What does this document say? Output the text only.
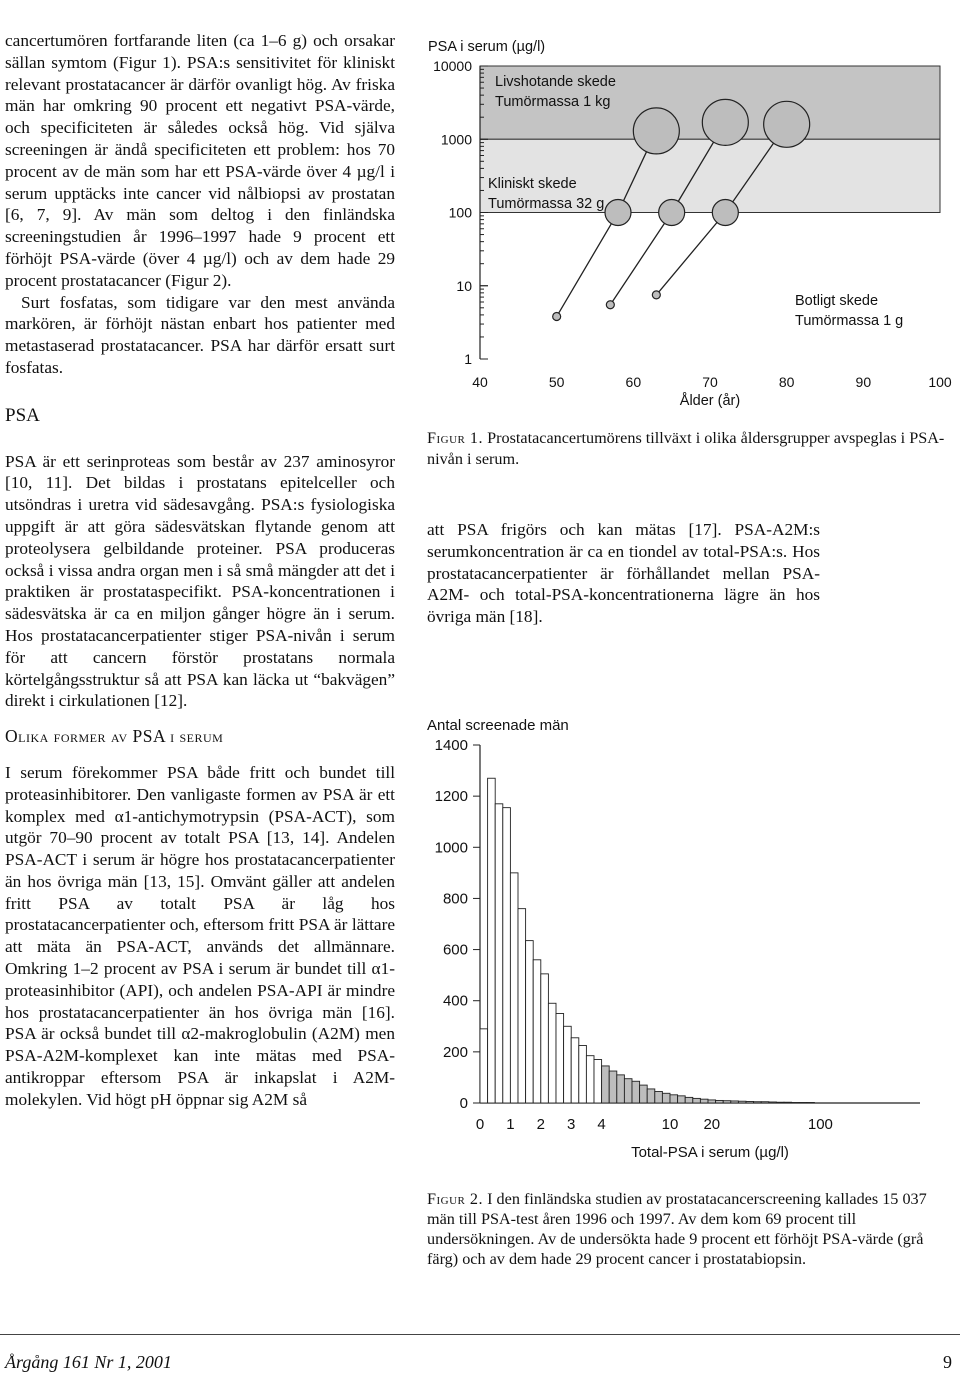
cancertumören fortfarande liten (ca 1–6 g) och orsakar sällan symtom (Figur 1). PSA:s sensitivitet för kliniskt relevant prostatacancer är därför ovanligt hög. Av friska män har omkring 90 procent ett negativt PSA-värde, och specificiteten är således också hög. Vid själva screeningen är ändå specificiteten ett problem: hos 70 procent av de män som har ett PSA-värde över 4 µg/l i serum upptäcks inte cancer vid nålbiopsi av prostatan [6, 7, 9]. Av män som deltog i den finländska screeningstudien år 1996–1997 hade 9 procent ett förhöjt PSA-värde (över 4 µg/l) och av dem hade 29 procent prostatacancer (Figur 2).

Surt fosfatas, som tidigare var den mest använda markören, är förhöjt nästan enbart hos patienter med metastaserad prostatacancer. PSA har därför ersatt surt fosfatas.

PSA

PSA är ett serinproteas som består av 237 aminosyror [10, 11]. Det bildas i prostatans epitelceller och utsöndras i uretra vid sädesavgång. PSA:s fysiologiska uppgift är att göra sädesvätskan flytande genom att proteolysera gelbildande proteiner. PSA produceras också i vissa andra organ men i så små mängder att det i praktiken är prostataspecifikt. PSA-koncentrationen i sädesvätska är ca en miljon gånger högre än i serum. Hos prostatacancerpatienter stiger PSA-nivån i serum för att cancern förstör prostatans normala körtelgångsstruktur så att PSA kan läcka ut “bakvägen” direkt i cirkulationen [12].

Olika former av PSA i serum

I serum förekommer PSA både fritt och bundet till proteasinhibitorer. Den vanligaste formen av PSA är ett komplex med α1-antichymotrypsin (PSA-ACT), som utgör 70–90 procent av totalt PSA [13, 14]. Andelen PSA-ACT i serum är högre hos prostatacancerpatienter än hos övriga män [13, 15]. Omvänt gäller att andelen fritt PSA av totalt PSA är låg hos prostatacancerpatienter och, eftersom fritt PSA är lättare att mäta än PSA-ACT, används det allmännare. Omkring 1–2 procent av PSA i serum är bundet till α1-proteasinhibitor (API), och andelen PSA-API är mindre hos prostatacancerpatienter än hos övriga män [16]. PSA är också bundet till α2-makroglobulin (A2M) men PSA-A2M-komplexet kan inte mätas med PSA-antikroppar eftersom PSA är inkapslat i A2M-molekylen. Vid högt pH öppnar sig A2M så

Livshotande skede
Tumörmassa 1 kg
Kliniskt skede
Tumörmassa 32 g
Botligt skede
Tumörmassa 1 g
1
10
100
1000
10000
PSA i serum (µg/l)
40	50	60	70	80	90	100
Ålder (år)
Figur 1. Prostatacancertumörens tillväxt i olika åldersgrupper avspeglas i PSA-nivån i serum.

att PSA frigörs och kan mätas [17]. PSA-A2M:s serumkoncentration är ca en tiondel av total-PSA:s. Hos prostatacancerpatienter är förhållandet mellan PSA-A2M- och total-PSA-koncentrationerna lägre än hos övriga män [18].

Antal screenade män
0
200
400
600
800
1000
1200
1400
0 1 2 3 4	10 20	100
Total-PSA i serum (µg/l)
Figur 2. I den finländska studien av prostatacancerscreening kallades 15 037 män till PSA-test åren 1996 och 1997. Av dem kom 69 procent till undersökningen. Av de undersökta hade 9 procent ett förhöjt PSA-värde (grå färg) och av dem hade 29 procent cancer i prostatabiopsin.
Årgång 161 Nr 1, 2001	9
